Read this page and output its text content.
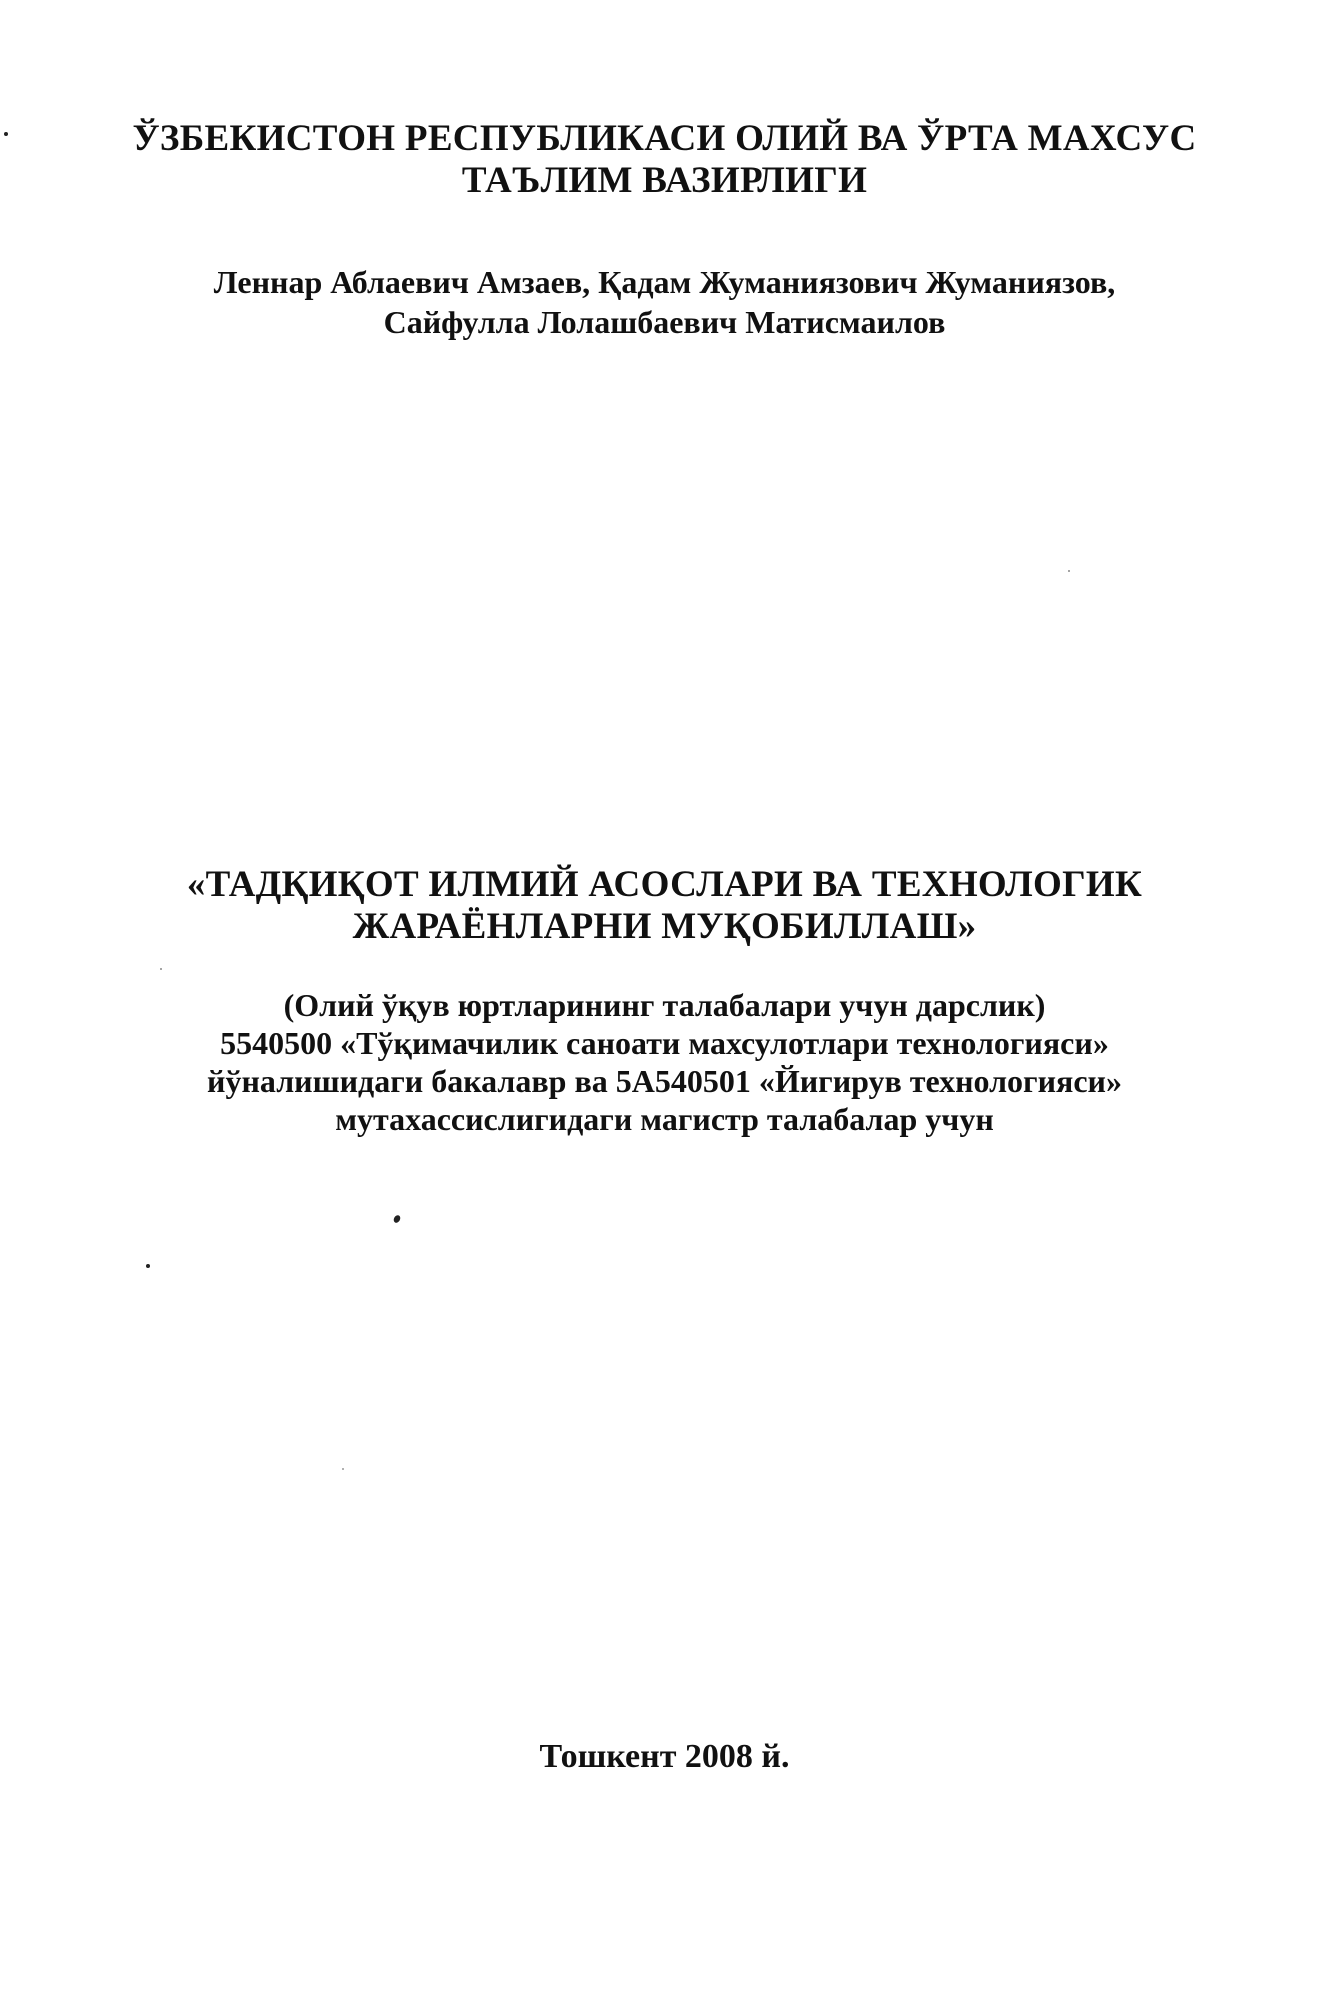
ЎЗБЕКИСТОН РЕСПУБЛИКАСИ ОЛИЙ ВА ЎРТА МАХСУС
ТАЪЛИМ ВАЗИРЛИГИ
Леннар Аблаевич Амзаев, Қадам Жуманиязович Жуманиязов,
Сайфулла Лолашбаевич Матисмаилов
«ТАДҚИҚОТ ИЛМИЙ АСОСЛАРИ ВА ТЕХНОЛОГИК
ЖАРАЁНЛАРНИ МУҚОБИЛЛАШ»
(Олий ўқув юртларининг талабалари учун дарслик)
5540500 «Тўқимачилик саноати махсулотлари технологияси»
йўналишидаги бакалавр ва 5А540501 «Йигирув технологияси»
мутахассислигидаги магистр талабалар учун
Тошкент 2008 й.
